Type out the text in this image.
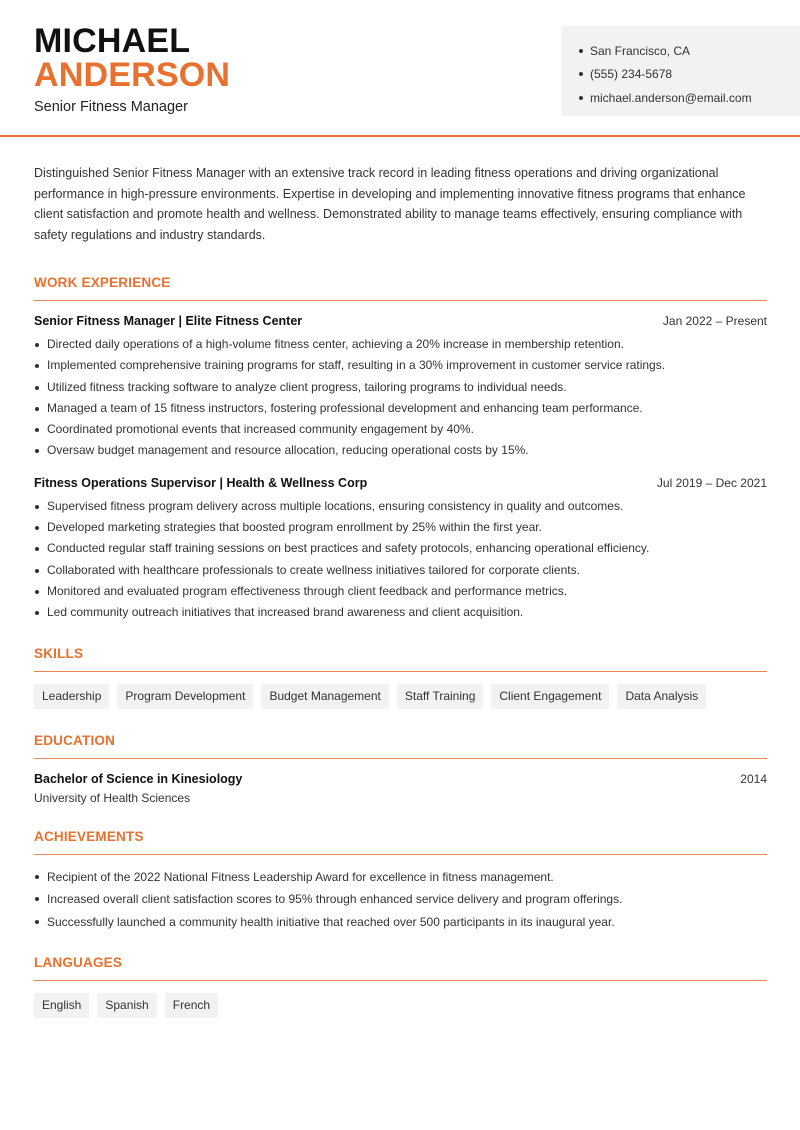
MICHAEL
ANDERSON
Senior Fitness Manager
San Francisco, CA
(555) 234-5678
michael.anderson@email.com

Distinguished Senior Fitness Manager with an extensive track record in leading fitness operations and driving organizational performance in high-pressure environments. Expertise in developing and implementing innovative fitness programs that enhance client satisfaction and promote health and wellness. Demonstrated ability to manage teams effectively, ensuring compliance with safety regulations and industry standards.

WORK EXPERIENCE
Senior Fitness Manager | Elite Fitness Center	Jan 2022 – Present
Directed daily operations of a high-volume fitness center, achieving a 20% increase in membership retention.
Implemented comprehensive training programs for staff, resulting in a 30% improvement in customer service ratings.
Utilized fitness tracking software to analyze client progress, tailoring programs to individual needs.
Managed a team of 15 fitness instructors, fostering professional development and enhancing team performance.
Coordinated promotional events that increased community engagement by 40%.
Oversaw budget management and resource allocation, reducing operational costs by 15%.
Fitness Operations Supervisor | Health & Wellness Corp	Jul 2019 – Dec 2021
Supervised fitness program delivery across multiple locations, ensuring consistency in quality and outcomes.
Developed marketing strategies that boosted program enrollment by 25% within the first year.
Conducted regular staff training sessions on best practices and safety protocols, enhancing operational efficiency.
Collaborated with healthcare professionals to create wellness initiatives tailored for corporate clients.
Monitored and evaluated program effectiveness through client feedback and performance metrics.
Led community outreach initiatives that increased brand awareness and client acquisition.
SKILLS
Leadership	Program Development	Budget Management	Staff Training	Client Engagement	Data Analysis
EDUCATION
Bachelor of Science in Kinesiology	2014
University of Health Sciences
ACHIEVEMENTS
Recipient of the 2022 National Fitness Leadership Award for excellence in fitness management.
Increased overall client satisfaction scores to 95% through enhanced service delivery and program offerings.
Successfully launched a community health initiative that reached over 500 participants in its inaugural year.
LANGUAGES
English	Spanish	French
